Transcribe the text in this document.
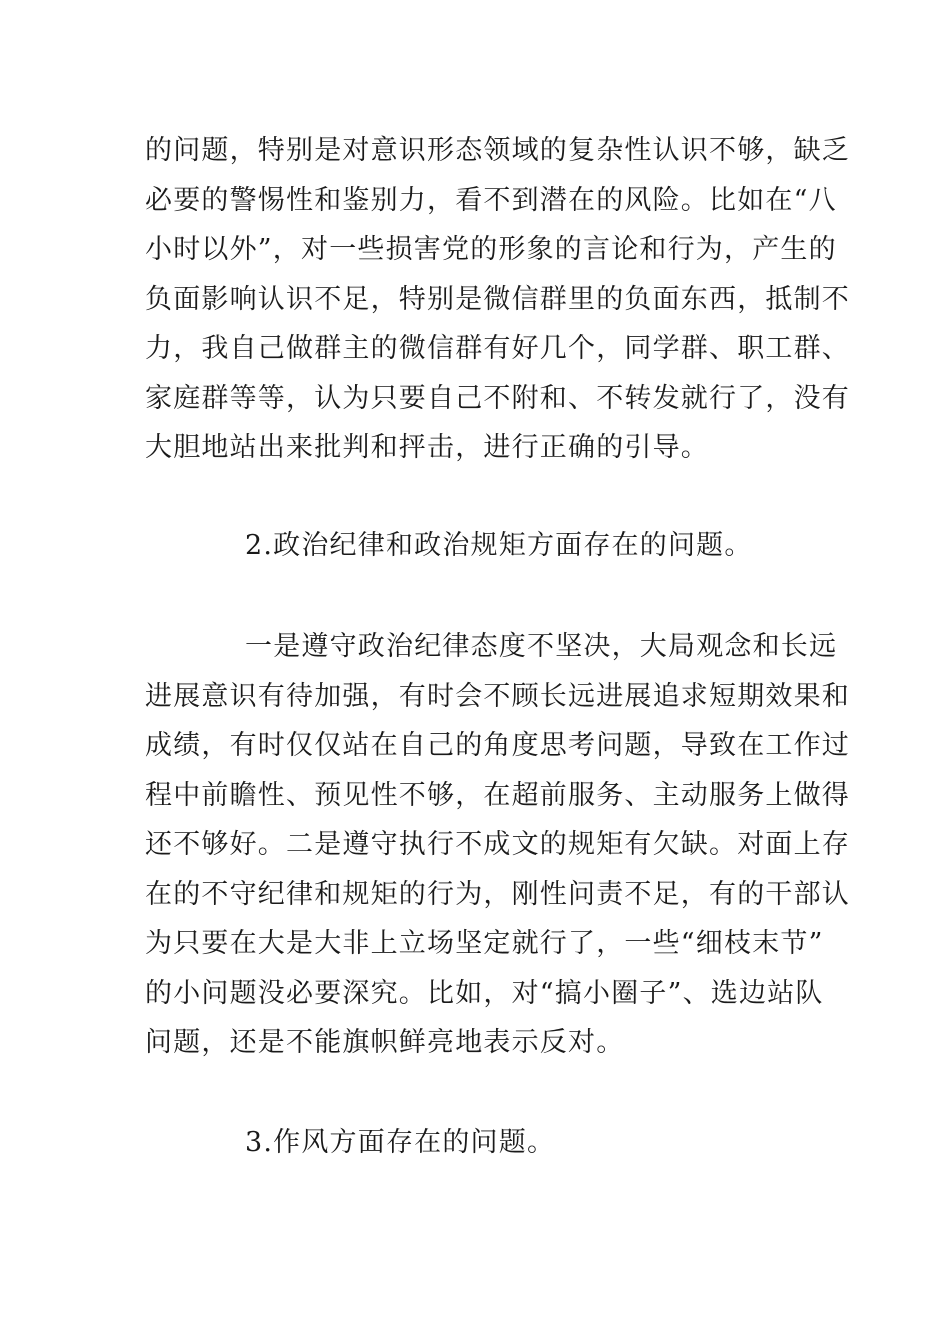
的问题，特别是对意识形态领域的复杂性认识不够，缺乏
必要的警惕性和鉴别力，看不到潜在的风险。比如在“八
小时以外”，对一些损害党的形象的言论和行为，产生的
负面影响认识不足，特别是微信群里的负面东西，抵制不
力，我自己做群主的微信群有好几个，同学群、职工群、
家庭群等等，认为只要自己不附和、不转发就行了，没有
大胆地站出来批判和抨击，进行正确的引导。
2.政治纪律和政治规矩方面存在的问题。
一是遵守政治纪律态度不坚决，大局观念和长远
进展意识有待加强，有时会不顾长远进展追求短期效果和
成绩，有时仅仅站在自己的角度思考问题，导致在工作过
程中前瞻性、预见性不够，在超前服务、主动服务上做得
还不够好。二是遵守执行不成文的规矩有欠缺。对面上存
在的不守纪律和规矩的行为，刚性问责不足，有的干部认
为只要在大是大非上立场坚定就行了，一些“细枝末节”
的小问题没必要深究。比如，对“搞小圈子”、选边站队
问题，还是不能旗帜鲜亮地表示反对。
3.作风方面存在的问题。
